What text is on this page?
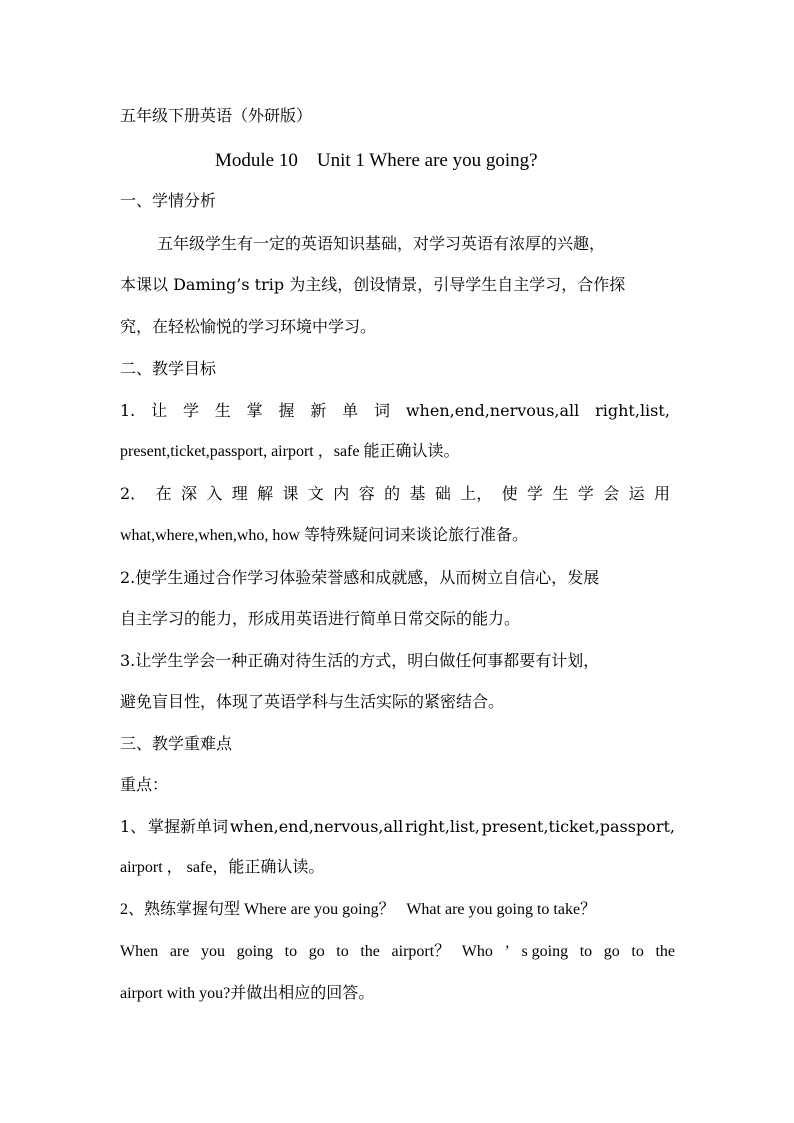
五年级下册英语（外研版）
Module 10    Unit 1 Where are you going?
一、学情分析
五年级学生有一定的英语知识基础，对学习英语有浓厚的兴趣，
本课以 Daming’s trip 为主线，创设情景，引导学生自主学习，合作探
究，在轻松愉悦的学习环境中学习。
二、教学目标
1. 让 学 生 掌 握 新 单 词 when,end,nervous,all right,list,
present,ticket,passport, airport ，safe 能正确认读。
2． 在 深 入 理 解 课 文 内 容 的 基 础 上， 使 学 生 学 会 运 用
what,where,when,who, how 等特殊疑问词来谈论旅行准备。
2.使学生通过合作学习体验荣誉感和成就感，从而树立自信心，发展
自主学习的能力，形成用英语进行简单日常交际的能力。
3.让学生学会一种正确对待生活的方式，明白做任何事都要有计划，
避免盲目性，体现了英语学科与生活实际的紧密结合。
三、教学重难点
重点：
1、 掌握新单词 when,end,nervous,all right,list, present,ticket,passport,
airport ， safe，能正确认读。
2、熟练掌握句型 Where are you going？   What are you going to take？
When are you going to go to the airport？ Who ’ s going to go to the
airport with you?并做出相应的回答。
